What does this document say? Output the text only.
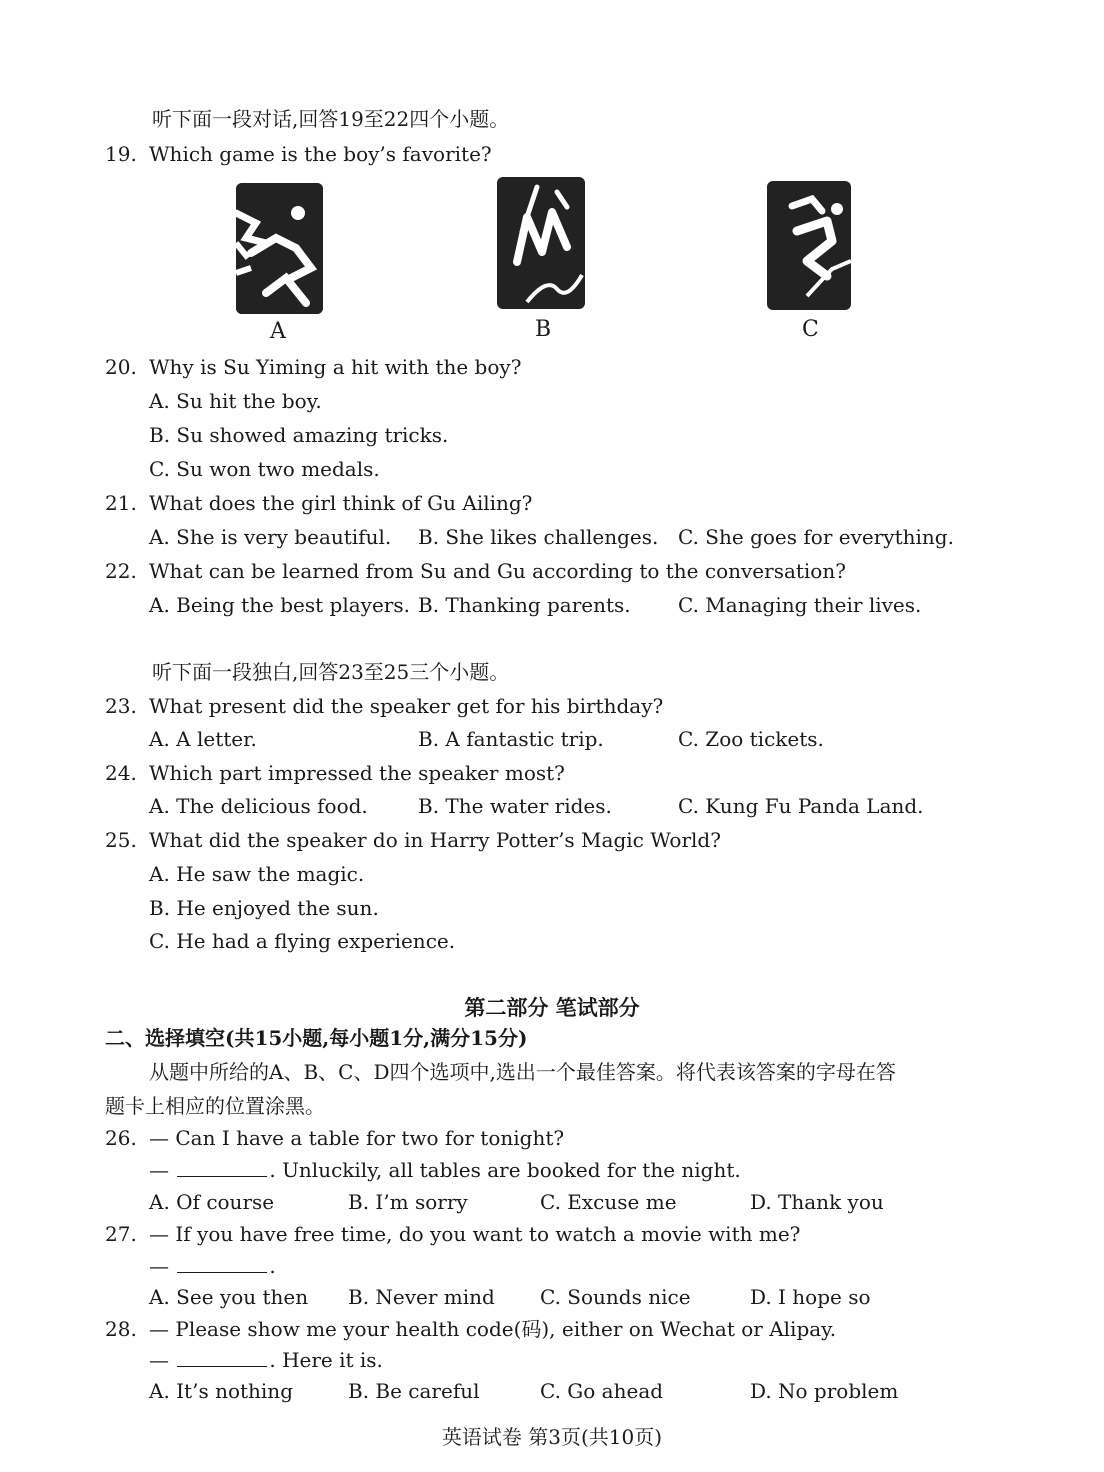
听下面一段对话,回答19至22四个小题。
19. Which game is the boy’s favorite?
A	B	C
20. Why is Su Yiming a hit with the boy?
A. Su hit the boy.
B. Su showed amazing tricks.
C. Su won two medals.
21. What does the girl think of Gu Ailing?
A. She is very beautiful. B. She likes challenges. C. She goes for everything.
22. What can be learned from Su and Gu according to the conversation?
A. Being the best players. B. Thanking parents. C. Managing their lives.
听下面一段独白,回答23至25三个小题。
23. What present did the speaker get for his birthday?
A. A letter.	B. A fantastic trip.	C. Zoo tickets.
24. Which part impressed the speaker most?
A. The delicious food.	B. The water rides.	C. Kung Fu Panda Land.
25. What did the speaker do in Harry Potter’s Magic World?
A. He saw the magic.
B. He enjoyed the sun.
C. He had a flying experience.
第二部分 笔试部分
二、选择填空(共15小题,每小题1分,满分15分)
从题中所给的A、B、C、D四个选项中,选出一个最佳答案。将代表该答案的字母在答
题卡上相应的位置涂黑。
26. — Can I have a table for two for tonight?
—	. Unluckily, all tables are booked for the night.
A. Of course	B. I’m sorry	C. Excuse me	D. Thank you
27. — If you have free time, do you want to watch a movie with me?
—	.
A. See you then B. Never mind C. Sounds nice	D. I hope so
28. — Please show me your health code(码), either on Wechat or Alipay.
—	. Here it is.
A. It’s nothing	B. Be careful	C. Go ahead	D. No problem
英语试卷 第3页(共10页)
